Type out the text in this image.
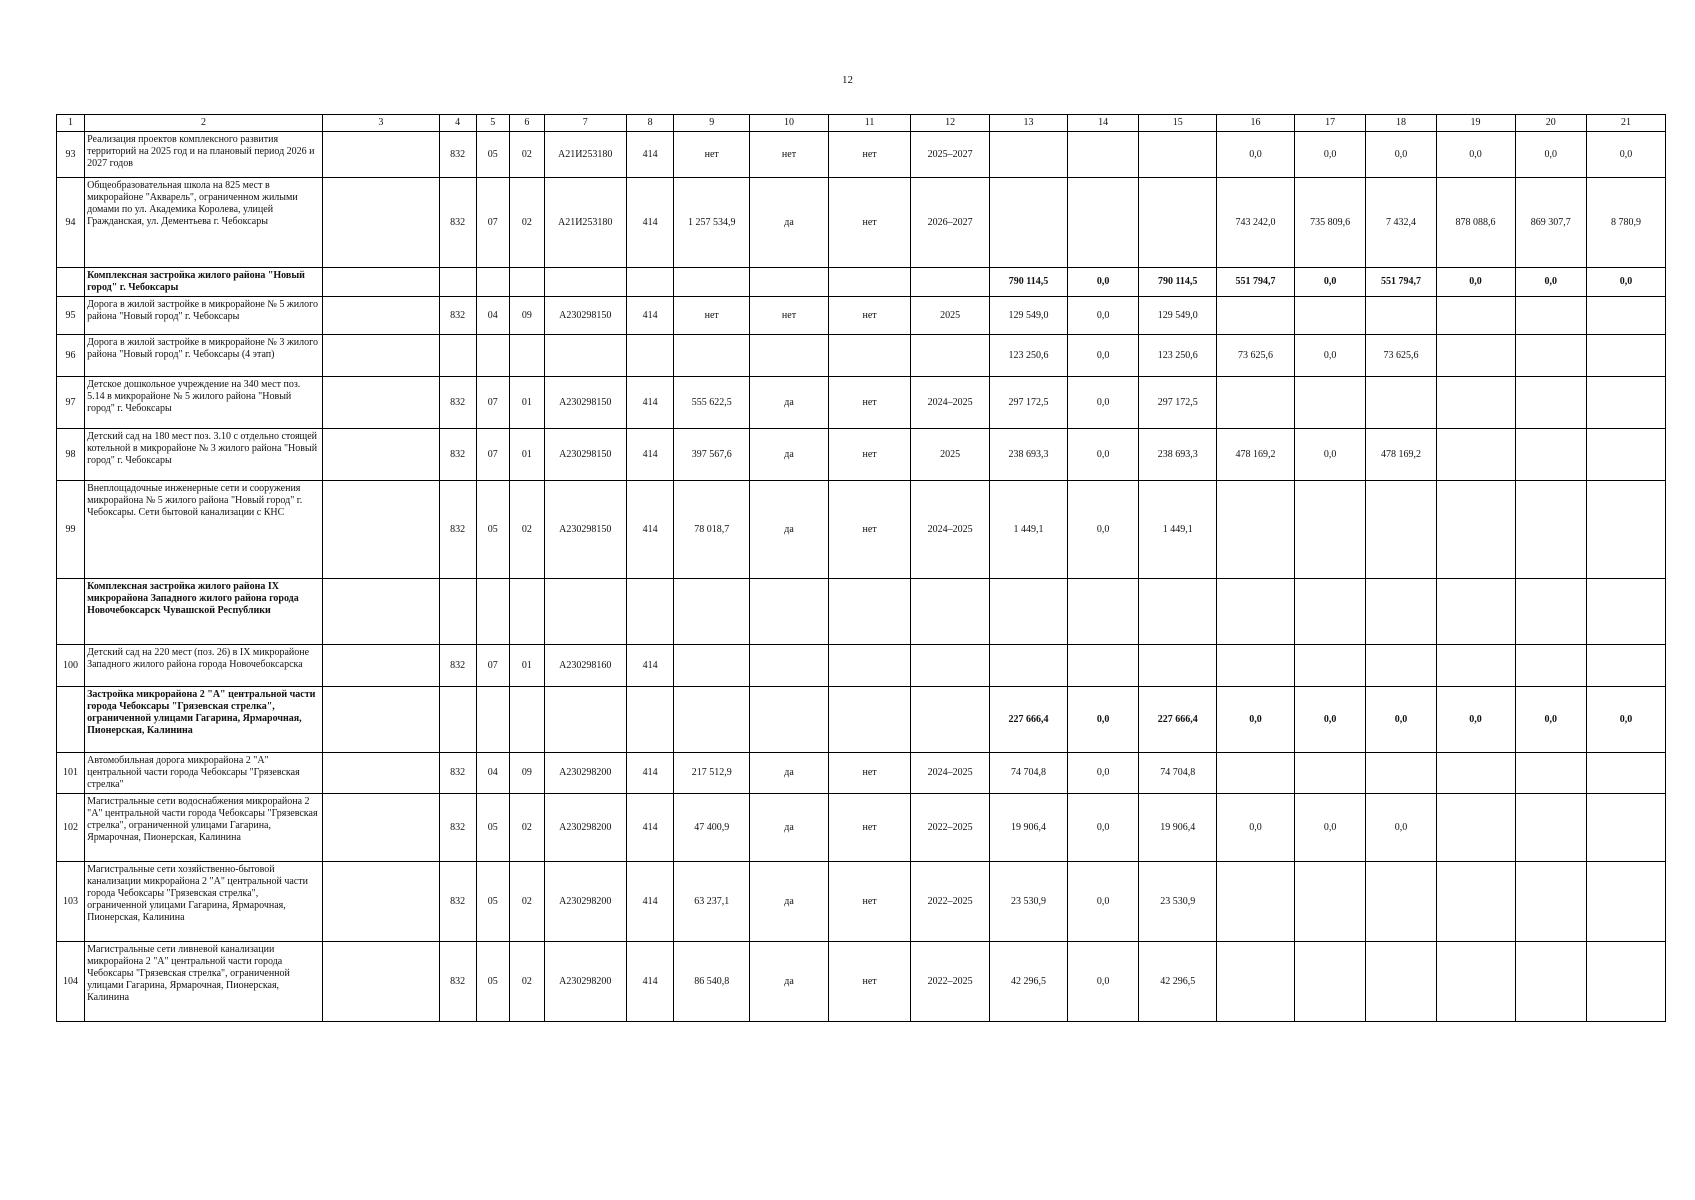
12
1	2	3	4	5	6	7	8	9	10	11	12	13	14	15	16	17	18	19	20	21
93	Реализация проектов комплексного развития территорий на 2025 год и на плановый период 2026 и 2027 годов		832	05	02	А21И253180	414	нет	нет	нет	2025–2027				0,0	0,0	0,0	0,0	0,0	0,0
94	Общеобразовательная школа на 825 мест в микрорайоне "Акварель", ограниченном жилыми домами по ул. Академика Королева, улицей Гражданская, ул. Дементьева г. Чебоксары		832	07	02	А21И253180	414	1 257 534,9	да	нет	2026–2027				743 242,0	735 809,6	7 432,4	878 088,6	869 307,7	8 780,9
	Комплексная застройка жилого района "Новый город" г. Чебоксары											790 114,5	0,0	790 114,5	551 794,7	0,0	551 794,7	0,0	0,0	0,0
95	Дорога в жилой застройке в микрорайоне № 5 жилого района "Новый город" г. Чебоксары		832	04	09	А230298150	414	нет	нет	нет	2025	129 549,0	0,0	129 549,0						
96	Дорога в жилой застройке в микрорайоне № 3 жилого района "Новый город" г. Чебоксары (4 этап)											123 250,6	0,0	123 250,6	73 625,6	0,0	73 625,6			
97	Детское дошкольное учреждение на 340 мест поз. 5.14 в микрорайоне № 5 жилого района "Новый город" г. Чебоксары		832	07	01	А230298150	414	555 622,5	да	нет	2024–2025	297 172,5	0,0	297 172,5						
98	Детский сад на 180 мест поз. 3.10 с отдельно стоящей котельной в микрорайоне № 3 жилого района "Новый город" г. Чебоксары		832	07	01	А230298150	414	397 567,6	да	нет	2025	238 693,3	0,0	238 693,3	478 169,2	0,0	478 169,2			
99	Внеплощадочные инженерные сети и сооружения микрорайона № 5 жилого района "Новый город" г. Чебоксары. Сети бытовой канализации с КНС		832	05	02	А230298150	414	78 018,7	да	нет	2024–2025	1 449,1	0,0	1 449,1						
	Комплексная застройка жилого района IX микрорайона Западного жилого района города Новочебоксарск Чувашской Республики																			
100	Детский сад на 220 мест (поз. 26) в IX микрорайоне Западного жилого района города Новочебоксарска		832	07	01	А230298160	414													
	Застройка микрорайона 2 "А" центральной части города Чебоксары "Грязевская стрелка", ограниченной улицами Гагарина, Ярмарочная, Пионерская, Калинина											227 666,4	0,0	227 666,4	0,0	0,0	0,0	0,0	0,0	0,0
101	Автомобильная дорога микрорайона 2 "А" центральной части города Чебоксары "Грязевская стрелка"		832	04	09	А230298200	414	217 512,9	да	нет	2024–2025	74 704,8	0,0	74 704,8						
102	Магистральные сети водоснабжения микрорайона 2 "А" центральной части города Чебоксары "Грязевская стрелка", ограниченной улицами Гагарина, Ярмарочная, Пионерская, Калинина		832	05	02	А230298200	414	47 400,9	да	нет	2022–2025	19 906,4	0,0	19 906,4	0,0	0,0	0,0			
103	Магистральные сети хозяйственно-бытовой канализации микрорайона 2 "А" центральной части города Чебоксары "Грязевская стрелка", ограниченной улицами Гагарина, Ярмарочная, Пионерская, Калинина		832	05	02	А230298200	414	63 237,1	да	нет	2022–2025	23 530,9	0,0	23 530,9						
104	Магистральные сети ливневой канализации микрорайона 2 "А" центральной части города Чебоксары "Грязевская стрелка", ограниченной улицами Гагарина, Ярмарочная, Пионерская, Калинина		832	05	02	А230298200	414	86 540,8	да	нет	2022–2025	42 296,5	0,0	42 296,5						
